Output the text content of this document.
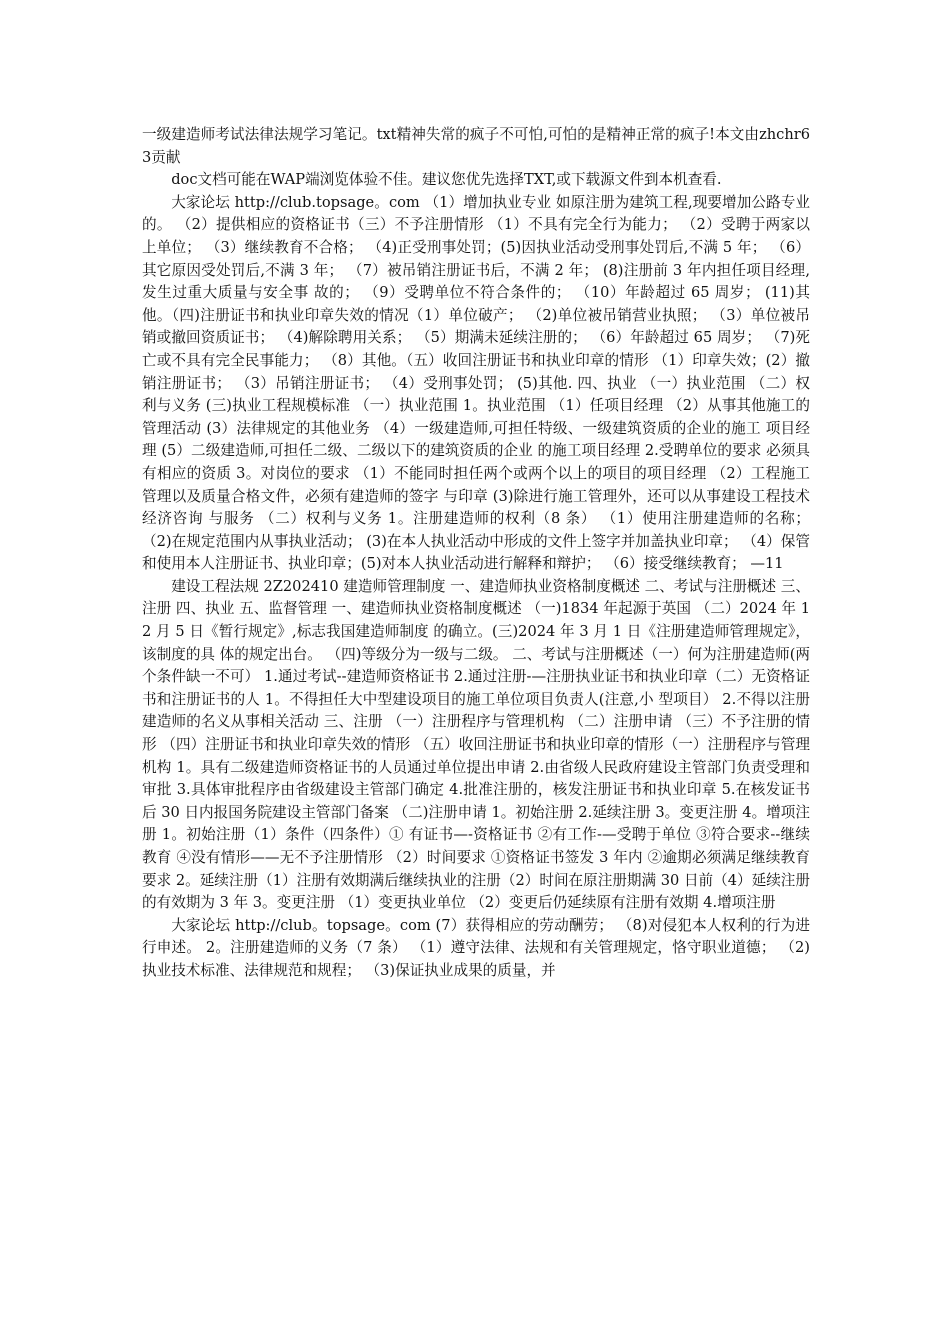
一级建造师考试法律法规学习笔记。txt精神失常的疯子不可怕,可怕的是精神正常的疯子!本文由zhchr63贡献

doc文档可能在WAP端浏览体验不佳。建议您优先选择TXT,或下载源文件到本机查看.

大家论坛 http://club.topsage。com （1）增加执业专业 如原注册为建筑工程,现要增加公路专业的。 （2）提供相应的资格证书（三）不予注册情形 （1）不具有完全行为能力； （2）受聘于两家以上单位； （3）继续教育不合格； （4)正受刑事处罚；(5)因执业活动受刑事处罚后,不满 5 年； （6）其它原因受处罚后,不满 3 年； （7）被吊销注册证书后，不满 2 年； (8)注册前 3 年内担任项目经理,发生过重大质量与安全事 故的； （9）受聘单位不符合条件的； （10）年龄超过 65 周岁； (11)其他。（四)注册证书和执业印章失效的情况（1）单位破产； （2)单位被吊销营业执照； （3）单位被吊销或撤回资质证书； （4)解除聘用关系； （5）期满未延续注册的； （6）年龄超过 65 周岁； （7)死亡或不具有完全民事能力； （8）其他。（五）收回注册证书和执业印章的情形 （1）印章失效；(2）撤销注册证书； （3）吊销注册证书； （4）受刑事处罚； (5)其他. 四、执业 （一）执业范围 （二）权利与义务 (三)执业工程规模标准 （一）执业范围 1。执业范围 （1）任项目经理 （2）从事其他施工的管理活动 (3）法律规定的其他业务 （4）一级建造师,可担任特级、一级建筑资质的企业的施工 项目经理 (5）二级建造师,可担任二级、二级以下的建筑资质的企业 的施工项目经理 2.受聘单位的要求 必须具有相应的资质 3。对岗位的要求 （1）不能同时担任两个或两个以上的项目的项目经理 （2）工程施工管理以及质量合格文件，必须有建造师的签字 与印章 (3)除进行施工管理外，还可以从事建设工程技术经济咨询 与服务 （二）权利与义务 1。注册建造师的权利（8 条） （1）使用注册建造师的名称； （2)在规定范围内从事执业活动； (3)在本人执业活动中形成的文件上签字并加盖执业印章； （4）保管和使用本人注册证书、执业印章；(5)对本人执业活动进行解释和辩护； （6）接受继续教育； —11

建设工程法规 2Z202410 建造师管理制度 一、建造师执业资格制度概述 二、考试与注册概述 三、注册 四、执业 五、监督管理 一、建造师执业资格制度概述 （一)1834 年起源于英国 （二）2024 年 12 月 5 日《暂行规定》,标志我国建造师制度 的确立。(三)2024 年 3 月 1 日《注册建造师管理规定》，该制度的具 体的规定出台。 （四)等级分为一级与二级。 二、考试与注册概述（一）何为注册建造师(两个条件缺一不可） 1.通过考试--建造师资格证书 2.通过注册-—注册执业证书和执业印章（二）无资格证书和注册证书的人 1。不得担任大中型建设项目的施工单位项目负责人(注意,小 型项目） 2.不得以注册建造师的名义从事相关活动 三、注册 （一）注册程序与管理机构 （二）注册申请 （三）不予注册的情形 （四）注册证书和执业印章失效的情形 （五）收回注册证书和执业印章的情形（一）注册程序与管理机构 1。具有二级建造师资格证书的人员通过单位提出申请 2.由省级人民政府建设主管部门负责受理和审批 3.具体审批程序由省级建设主管部门确定 4.批准注册的，核发注册证书和执业印章 5.在核发证书后 30 日内报国务院建设主管部门备案 （二)注册申请 1。初始注册 2.延续注册 3。变更注册 4。增项注册 1。初始注册（1）条件（四条件）① 有证书—-资格证书 ②有工作-—受聘于单位 ③符合要求--继续教育 ④没有情形——无不予注册情形 （2）时间要求 ①资格证书签发 3 年内 ②逾期必须满足继续教育要求 2。延续注册（1）注册有效期满后继续执业的注册（2）时间在原注册期满 30 日前（4）延续注册的有效期为 3 年 3。变更注册 （1）变更执业单位 （2）变更后仍延续原有注册有效期 4.增项注册

大家论坛 http://club。topsage。com (7）获得相应的劳动酬劳； （8)对侵犯本人权利的行为进行申述。 2。注册建造师的义务（7 条） （1）遵守法律、法规和有关管理规定，恪守职业道德； （2)执业技术标准、法律规范和规程； （3)保证执业成果的质量，并
